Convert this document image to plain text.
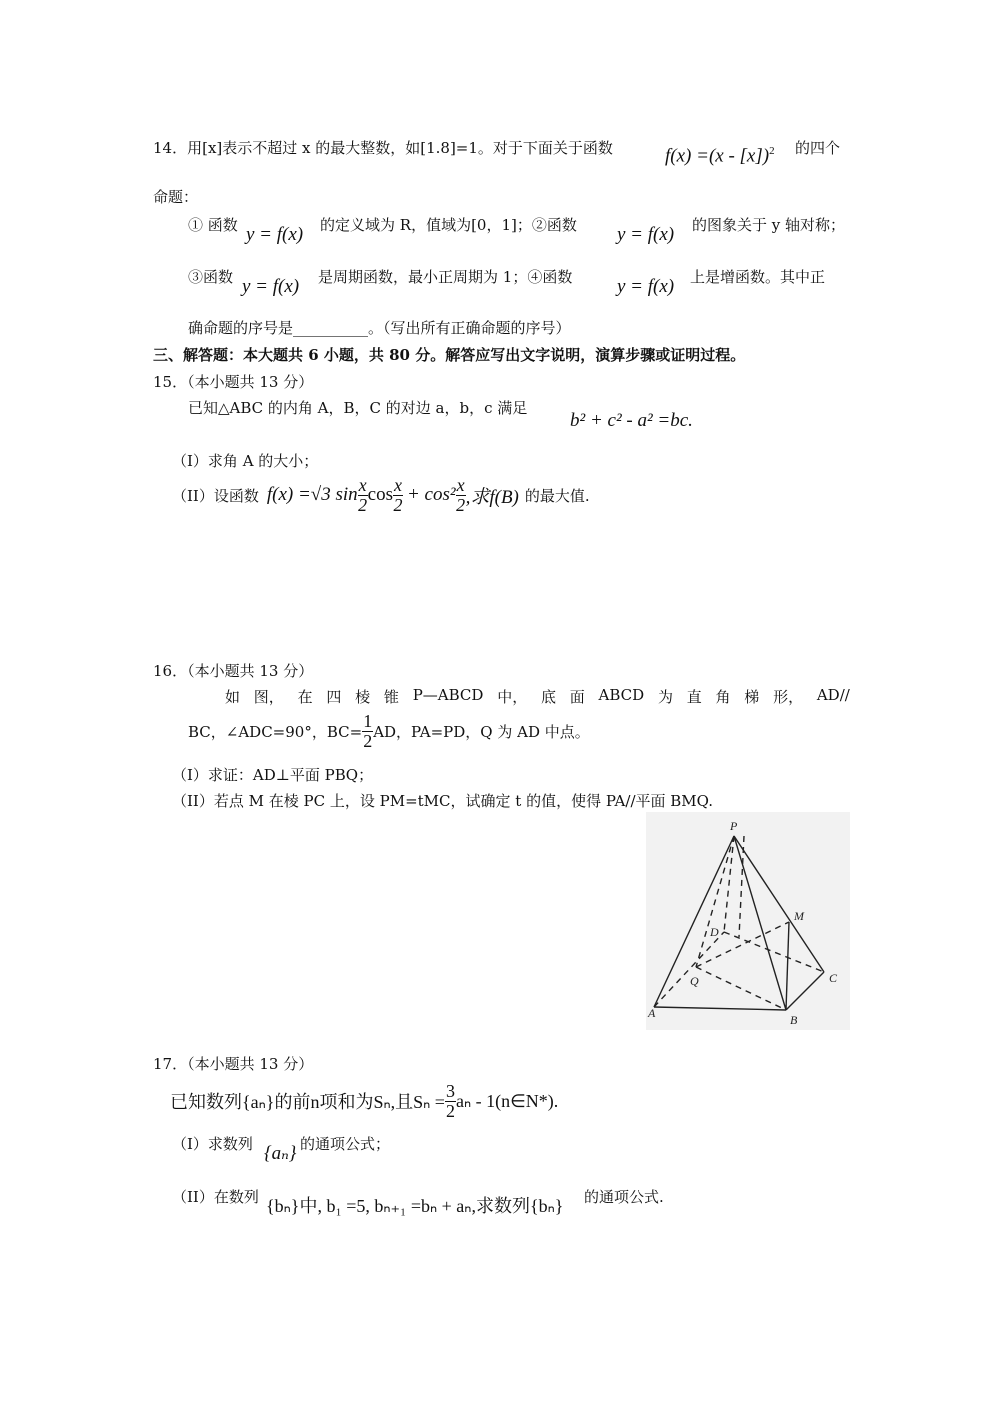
14．用[x]表示不超过 x 的最大整数，如[1.8]=1。对于下面关于函数	f(x) =(x - [x])$^2$ 的四个
命题：
① 函数 y = f(x) 的定义域为 R，值域为[0，1]；②函数 y = f(x) 的图象关于 y 轴对称；
③函数 y = f(x) 是周期函数，最小正周期为 1；④函数 y = f(x) 上是增函数。其中正
确命题的序号是__________。（写出所有正确命题的序号）
三、解答题：本大题共 6 小题，共 80 分。解答应写出文字说明，演算步骤或证明过程。
15．（本小题共 13 分）
已知△ABC 的内角 A，B，C 的对边 a，b，c 满足
b² + c² - a² =bc.
（I）求角 A 的大小；
（II）设函数 f(x) =√3 $\sin \frac{x}{2}$ $\cos \frac{x}{2} + \cos^2 \frac{x}{2}$ ,求f(B) 的最大值.
16．（本小题共 13 分）
如 图， 在 四 棱 锥 P—ABCD 中， 底 面 ABCD 为 直 角 梯 形， AD//
BC，∠ADC=90°，$BC= \frac{1}{2}$ AD，PA=PD，Q 为 AD 中点。
（I）求证：AD⊥平面 PBQ；
（II）若点 M 在棱 PC 上，设 PM=tMC，试确定 t 的值，使得 PA//平面 BMQ.
P
M
D
Q	C
A	B
17．（本小题共 13 分）
已知数列{aₙ}的前n项和为Sₙ,且$S_n = \frac{3}{2}$ aₙ - 1(n∈N*).
（I）求数列 {aₙ} 的通项公式；
（II）在数列 {bₙ}中, b₁ =5, bₙ₊₁ =bₙ + aₙ,求数列{bₙ} 的通项公式.
